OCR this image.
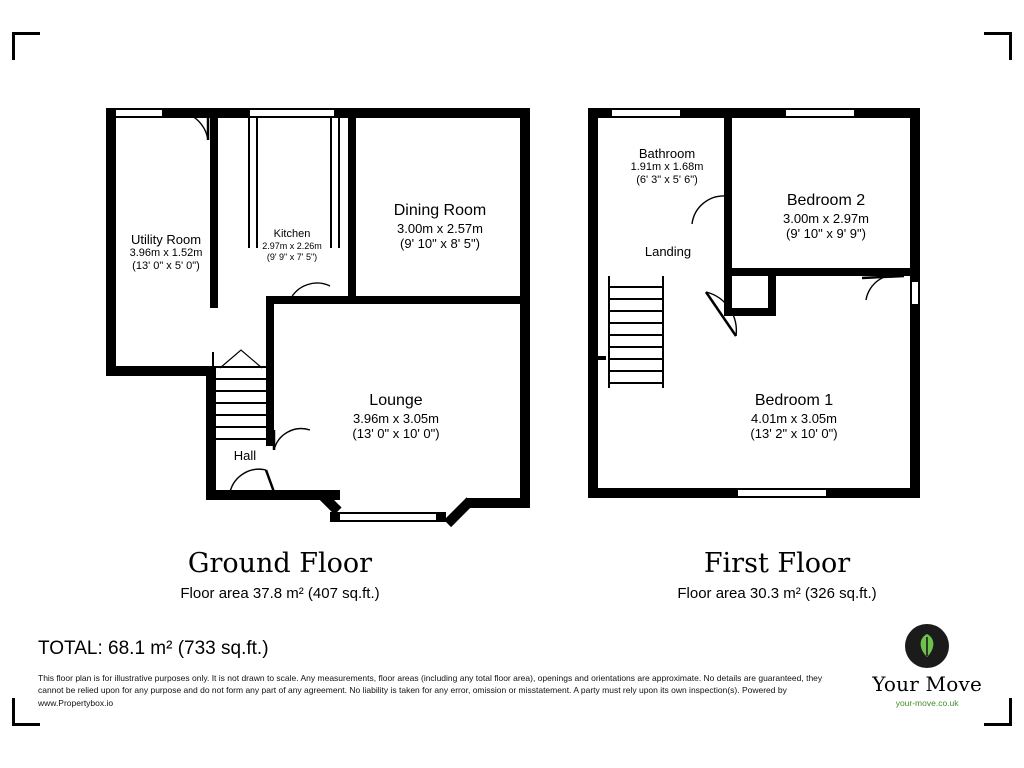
Utility Room
3.96m x 1.52m
(13' 0" x 5' 0")
Kitchen
2.97m x 2.26m
(9' 9" x 7' 5")
Dining Room
3.00m x 2.57m
(9' 10" x 8' 5")
Lounge
3.96m x 3.05m
(13' 0" x 10' 0")
Hall
Ground Floor
Floor area 37.8 m² (407 sq.ft.)
Bathroom
1.91m x 1.68m
(6' 3" x 5' 6")
Bedroom 2
3.00m x 2.97m
(9' 10" x 9' 9")
Landing
Bedroom 1
4.01m x 3.05m
(13' 2" x 10' 0")
First Floor
Floor area 30.3 m² (326 sq.ft.)
TOTAL: 68.1 m² (733 sq.ft.)
This floor plan is for illustrative purposes only. It is not drawn to scale. Any measurements, floor areas (including any total floor area), openings and orientations are approximate. No details are guaranteed, they cannot be relied upon for any purpose and do not form any part of any agreement. No liability is taken for any error, omission or misstatement. A party must rely upon its own inspection(s). Powered by www.Propertybox.io
Your Move
your-move.co.uk
